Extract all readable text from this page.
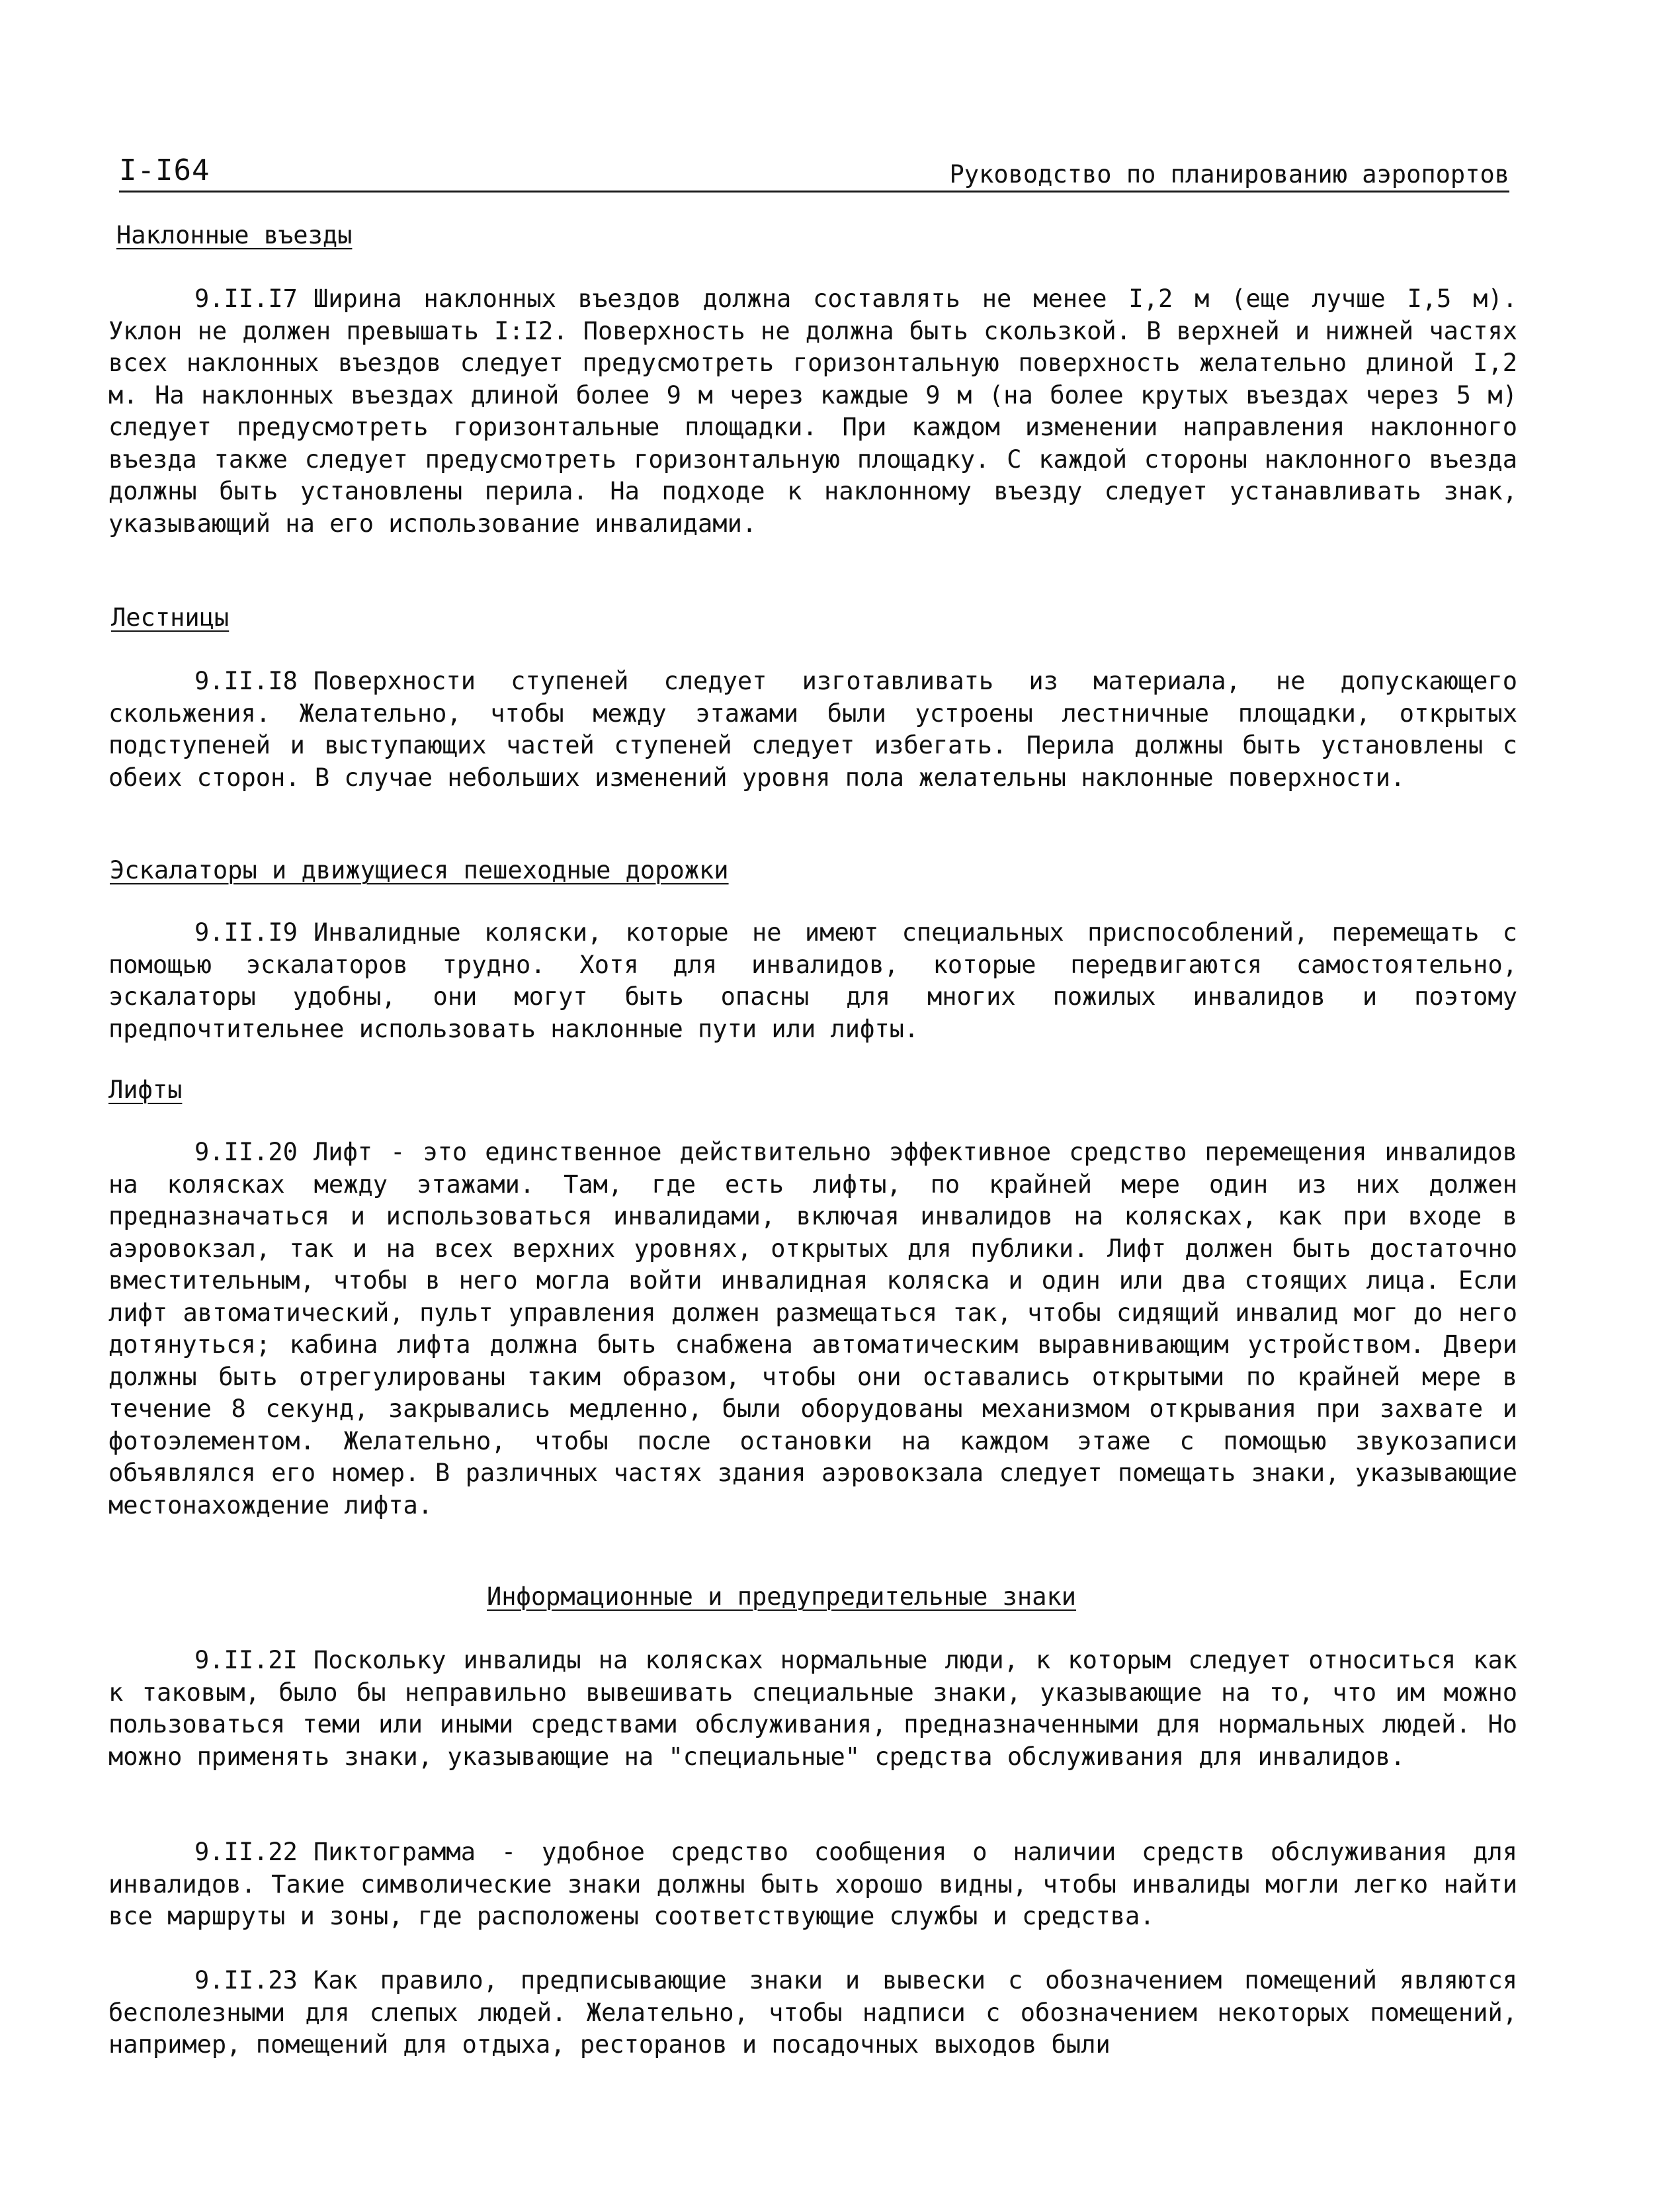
I-I64	Руководство по планированию аэропортов
Наклонные въезды

9.II.I7 Ширина наклонных въездов должна составлять не менее I,2 м (еще лучше I,5 м). Уклон не должен превышать I:I2. Поверхность не должна быть скользкой. В верхней и нижней частях всех наклонных въездов следует предусмотреть горизонтальную поверхность желательно длиной I,2 м. На наклонных въездах длиной более 9 м через каждые 9 м (на более крутых въездах через 5 м) следует предусмотреть горизонтальные площадки. При каждом изменении направления наклонного въезда также следует предусмотреть горизонтальную площадку. С каждой стороны наклонного въезда должны быть установлены перила. На подходе к наклонному въезду следует устанавливать знак, указывающий на его использование инвалидами.

Лестницы

9.II.I8 Поверхности ступеней следует изготавливать из материала, не допускающего скольжения. Желательно, чтобы между этажами были устроены лестничные площадки, открытых подступеней и выступающих частей ступеней следует избегать. Перила должны быть установлены с обеих сторон. В случае небольших изменений уровня пола желательны наклонные поверхности.

Эскалаторы и движущиеся пешеходные дорожки

9.II.I9 Инвалидные коляски, которые не имеют специальных приспособлений, перемещать с помощью эскалаторов трудно. Хотя для инвалидов, которые передвигаются самостоятельно, эскалаторы удобны, они могут быть опасны для многих пожилых инвалидов и поэтому предпочтительнее использовать наклонные пути или лифты.

Лифты

9.II.20 Лифт - это единственное действительно эффективное средство перемещения инвалидов на колясках между этажами. Там, где есть лифты, по крайней мере один из них должен предназначаться и использоваться инвалидами, включая инвалидов на колясках, как при входе в аэровокзал, так и на всех верхних уровнях, открытых для публики. Лифт должен быть достаточно вместительным, чтобы в него могла войти инвалидная коляска и один или два стоящих лица. Если лифт автоматический, пульт управления должен размещаться так, чтобы сидящий инвалид мог до него дотянуться; кабина лифта должна быть снабжена автоматическим выравнивающим устройством. Двери должны быть отрегулированы таким образом, чтобы они оставались открытыми по крайней мере в течение 8 секунд, закрывались медленно, были оборудованы механизмом открывания при захвате и фотоэлементом. Желательно, чтобы после остановки на каждом этаже с помощью звукозаписи объявлялся его номер. В различных частях здания аэровокзала следует помещать знаки, указывающие местонахождение лифта.

Информационные и предупредительные знаки

9.II.2I Поскольку инвалиды на колясках нормальные люди, к которым следует относиться как к таковым, было бы неправильно вывешивать специальные знаки, указывающие на то, что им можно пользоваться теми или иными средствами обслуживания, предназначенными для нормальных людей. Но можно применять знаки, указывающие на "специальные" средства обслуживания для инвалидов.

9.II.22 Пиктограмма - удобное средство сообщения о наличии средств обслуживания для инвалидов. Такие символические знаки должны быть хорошо видны, чтобы инвалиды могли легко найти все маршруты и зоны, где расположены соответствующие службы и средства.

9.II.23 Как правило, предписывающие знаки и вывески с обозначением помещений являются бесполезными для слепых людей. Желательно, чтобы надписи с обозначением некоторых помещений, например, помещений для отдыха, ресторанов и посадочных выходов были
